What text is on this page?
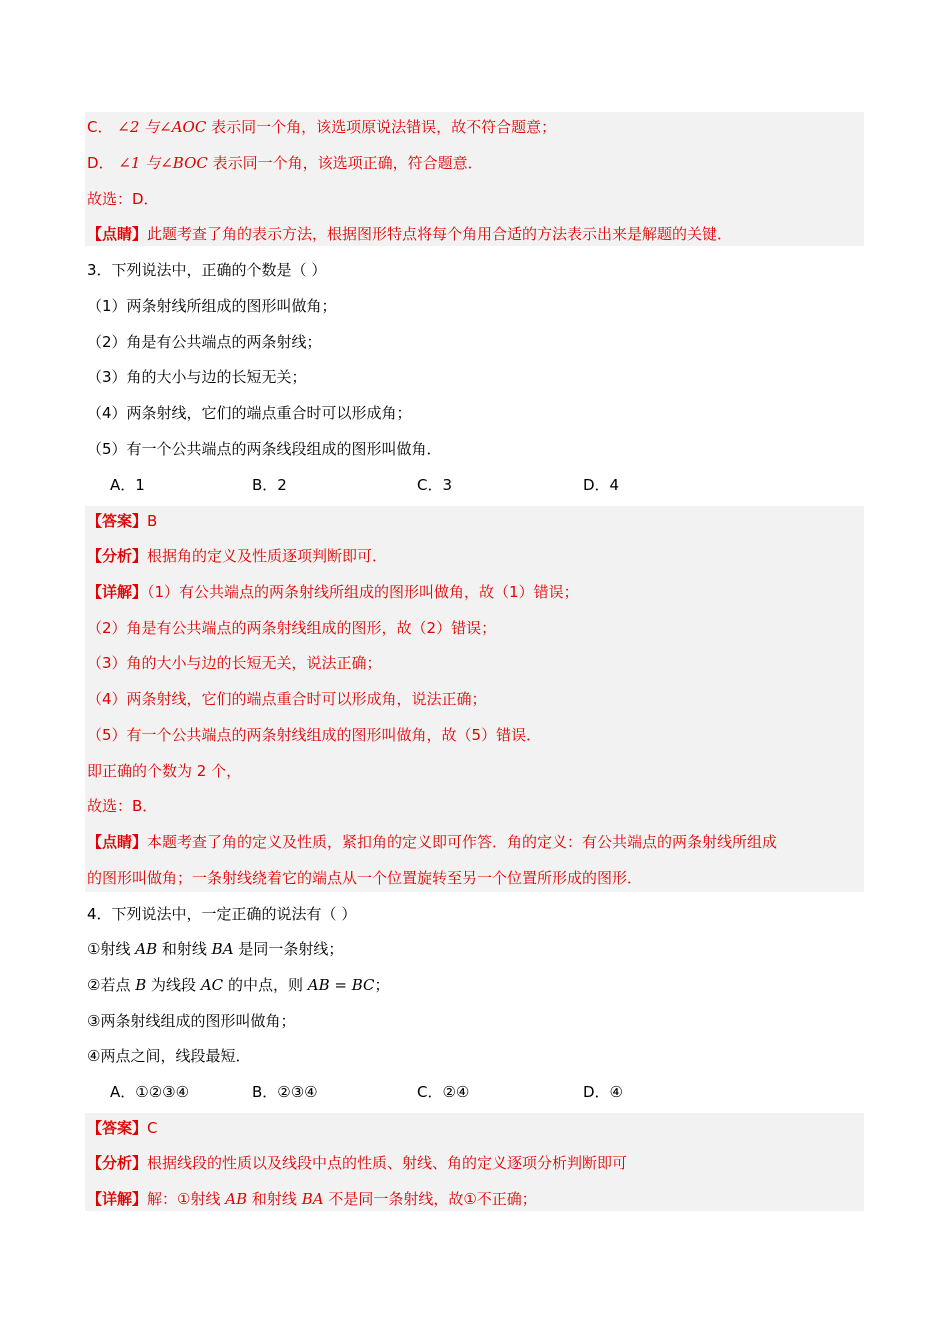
C． ∠2 与∠AOC 表示同一个角，该选项原说法错误，故不符合题意；
D． ∠1 与∠BOC 表示同一个角，该选项正确，符合题意．
故选：D．
【点睛】此题考查了角的表示方法，根据图形特点将每个角用合适的方法表示出来是解题的关键．
3．下列说法中，正确的个数是（ ）
（1）两条射线所组成的图形叫做角；
（2）角是有公共端点的两条射线；
（3）角的大小与边的长短无关；
（4）两条射线，它们的端点重合时可以形成角；
（5）有一个公共端点的两条线段组成的图形叫做角．
A．1	B．2	C．3	D．4
【答案】B
【分析】根据角的定义及性质逐项判断即可．
【详解】（1）有公共端点的两条射线所组成的图形叫做角，故（1）错误；
（2）角是有公共端点的两条射线组成的图形，故（2）错误；
（3）角的大小与边的长短无关，说法正确；
（4）两条射线，它们的端点重合时可以形成角，说法正确；
（5）有一个公共端点的两条射线组成的图形叫做角，故（5）错误．
即正确的个数为 2 个，
故选：B．
【点睛】本题考查了角的定义及性质，紧扣角的定义即可作答．角的定义：有公共端点的两条射线所组成
的图形叫做角；一条射线绕着它的端点从一个位置旋转至另一个位置所形成的图形．
4．下列说法中，一定正确的说法有（ ）
①射线 AB 和射线 BA 是同一条射线；
②若点 B 为线段 AC 的中点，则 AB = BC；
③两条射线组成的图形叫做角；
④两点之间，线段最短．
A．①②③④	B．②③④	C．②④	D．④
【答案】C
【分析】根据线段的性质以及线段中点的性质、射线、角的定义逐项分析判断即可
【详解】解：①射线 AB 和射线 BA 不是同一条射线，故①不正确；
